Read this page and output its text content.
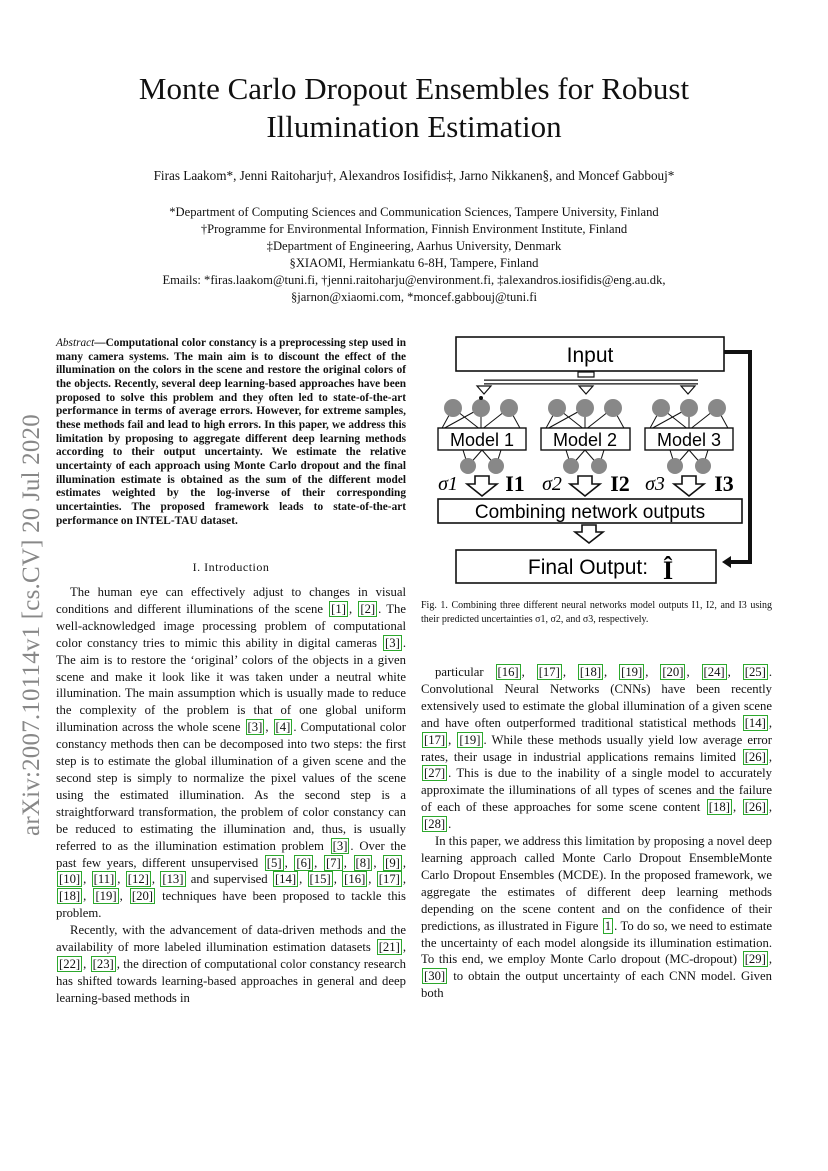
Monte Carlo Dropout Ensembles for Robust
Illumination Estimation
Firas Laakom*, Jenni Raitoharju†, Alexandros Iosifidis‡, Jarno Nikkanen§, and Moncef Gabbouj*
*Department of Computing Sciences and Communication Sciences, Tampere University, Finland
†Programme for Environmental Information, Finnish Environment Institute, Finland
‡Department of Engineering, Aarhus University, Denmark
§XIAOMI, Hermiankatu 6-8H, Tampere, Finland
Emails: *firas.laakom@tuni.fi, †jenni.raitoharju@environment.fi, ‡alexandros.iosifidis@eng.au.dk,
§jarnon@xiaomi.com, *moncef.gabbouj@tuni.fi
arXiv:2007.10114v1 [cs.CV] 20 Jul 2020
Abstract—Computational color constancy is a preprocessing step used in many camera systems. The main aim is to discount the effect of the illumination on the colors in the scene and restore the original colors of the objects. Recently, several deep learning-based approaches have been proposed to solve this problem and they often led to state-of-the-art performance in terms of average errors. However, for extreme samples, these methods fail and lead to high errors. In this paper, we address this limitation by proposing to aggregate different deep learning methods according to their output uncertainty. We estimate the relative uncertainty of each approach using Monte Carlo dropout and the final illumination estimate is obtained as the sum of the different model estimates weighted by the log-inverse of their corresponding uncertainties. The proposed framework leads to state-of-the-art performance on INTEL-TAU dataset.
I. Introduction

The human eye can effectively adjust to changes in visual conditions and different illuminations of the scene [1] , [2] . The well-acknowledged image processing problem of computational color constancy tries to mimic this ability in digital cameras [3] . The aim is to restore the ‘original’ colors of the objects in a given scene and make it look like it was taken under a neutral white illumination. The main assumption which is usually made to reduce the complexity of the problem is that of one global uniform illumination across the whole scene [3] , [4] . Computational color constancy methods then can be decomposed into two steps: the first step is to estimate the global illumination of a given scene and the second step is simply to normalize the pixel values of the scene using the estimated illumination. As the second step is a straightforward transformation, the problem of color constancy can be reduced to estimating the illumination and, thus, is usually referred to as the illumination estimation problem [3] . Over the past few years, different unsupervised [5] , [6] , [7] , [8] , [9] , [10] , [11] , [12] , [13] and supervised [14] , [15] , [16] , [17] , [18] , [19] , [20] techniques have been proposed to tackle this problem.

Recently, with the advancement of data-driven methods and the availability of more labeled illumination estimation datasets [21] , [22] , [23] , the direction of computational color constancy research has shifted towards learning-based approaches in general and deep learning-based methods in

particular [16] , [17] , [18] , [19] , [20] , [24] , [25] . Convolutional Neural Networks (CNNs) have been recently extensively used to estimate the global illumination of a given scene and have often outperformed traditional statistical methods [14] , [17] , [19] . While these methods usually yield low average error rates, their usage in industrial applications remains limited [26] , [27] . This is due to the inability of a single model to accurately approximate the illuminations of all types of scenes and the failure of each of these approaches for some scene content [18] , [26] , [28] .

In this paper, we address this limitation by proposing a novel deep learning approach called Monte Carlo Dropout EnsembleMonte Carlo Dropout Ensembles (MCDE). In the proposed framework, we aggregate the estimates of different deep learning methods depending on the scene content and on the confidence of their predictions, as illustrated in Figure 1 . To do so, we need to estimate the uncertainty of each model alongside its illumination estimation. To this end, we employ Monte Carlo dropout (MC-dropout) [29] , [30] to obtain the output uncertainty of each CNN model. Given both

Input
Model 1 Model 2 Model 3
σ1 I1 σ2 I2 σ3 I3
Combining network outputs
Final Output: Î
Fig. 1. Combining three different neural networks model outputs I1, I2, and I3 using their predicted uncertainties σ1, σ2, and σ3, respectively.
